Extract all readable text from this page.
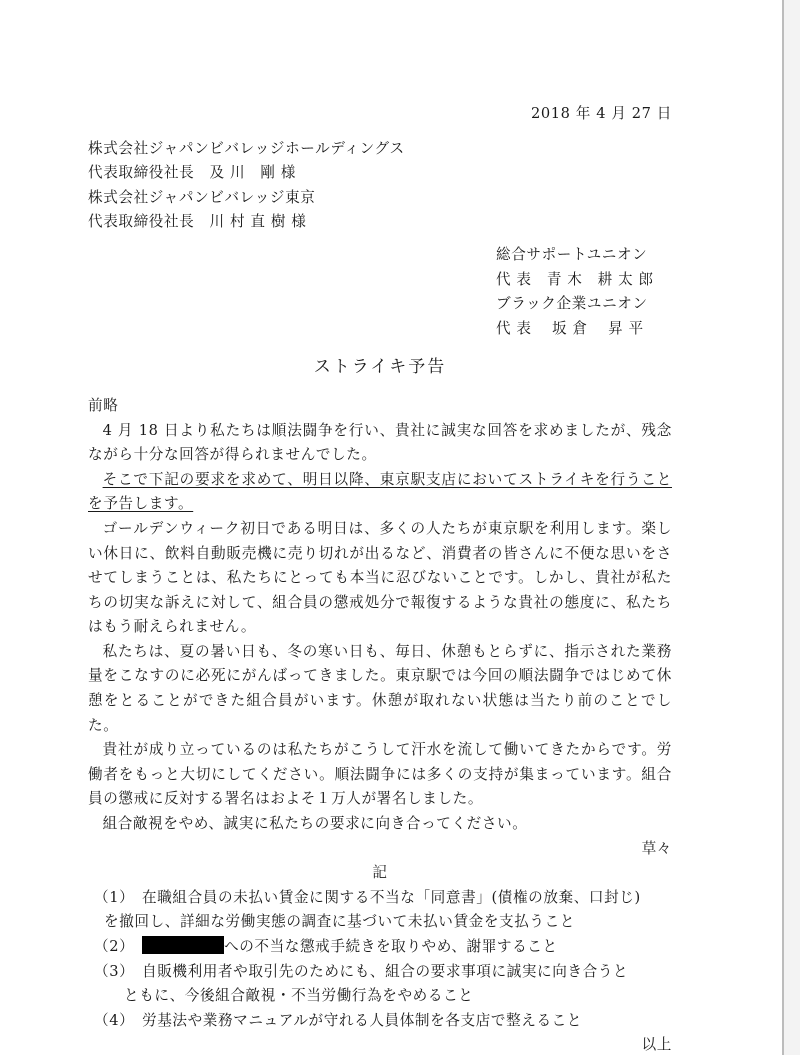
2018 年 4 月 27 日
株式会社ジャパンビバレッジホールディングス
代表取締役社長　及 川　剛 様
株式会社ジャパンビバレッジ東京
代表取締役社長　川 村 直 樹 様
総合サポートユニオン
代 表　青 木　耕 太 郎
ブラック企業ユニオン
代 表　 坂 倉　 昇 平
ストライキ予告
前略
4 月 18 日より私たちは順法闘争を行い、貴社に誠実な回答を求めましたが、残念ながら十分な回答が得られませんでした。
そこで下記の要求を求めて、明日以降、東京駅支店においてストライキを行うことを予告します。
ゴールデンウィーク初日である明日は、多くの人たちが東京駅を利用します。楽しい休日に、飲料自動販売機に売り切れが出るなど、消費者の皆さんに不便な思いをさせてしまうことは、私たちにとっても本当に忍びないことです。しかし、貴社が私たちの切実な訴えに対して、組合員の懲戒処分で報復するような貴社の態度に、私たちはもう耐えられません。
私たちは、夏の暑い日も、冬の寒い日も、毎日、休憩もとらずに、指示された業務量をこなすのに必死にがんばってきました。東京駅では今回の順法闘争ではじめて休憩をとることができた組合員がいます。休憩が取れない状態は当たり前のことでした。
貴社が成り立っているのは私たちがこうして汗水を流して働いてきたからです。労働者をもっと大切にしてください。順法闘争には多くの支持が集まっています。組合員の懲戒に反対する署名はおよそ１万人が署名しました。
組合敵視をやめ、誠実に私たちの要求に向き合ってください。
草々
記
（1） 在職組合員の未払い賃金に関する不当な「同意書」(債権の放棄、口封じ)
を撤回し、詳細な労働実態の調査に基づいて未払い賃金を支払うこと
（2）	への不当な懲戒手続きを取りやめ、謝罪すること
（3） 自販機利用者や取引先のためにも、組合の要求事項に誠実に向き合うと
ともに、今後組合敵視・不当労働行為をやめること
（4） 労基法や業務マニュアルが守れる人員体制を各支店で整えること
以上
